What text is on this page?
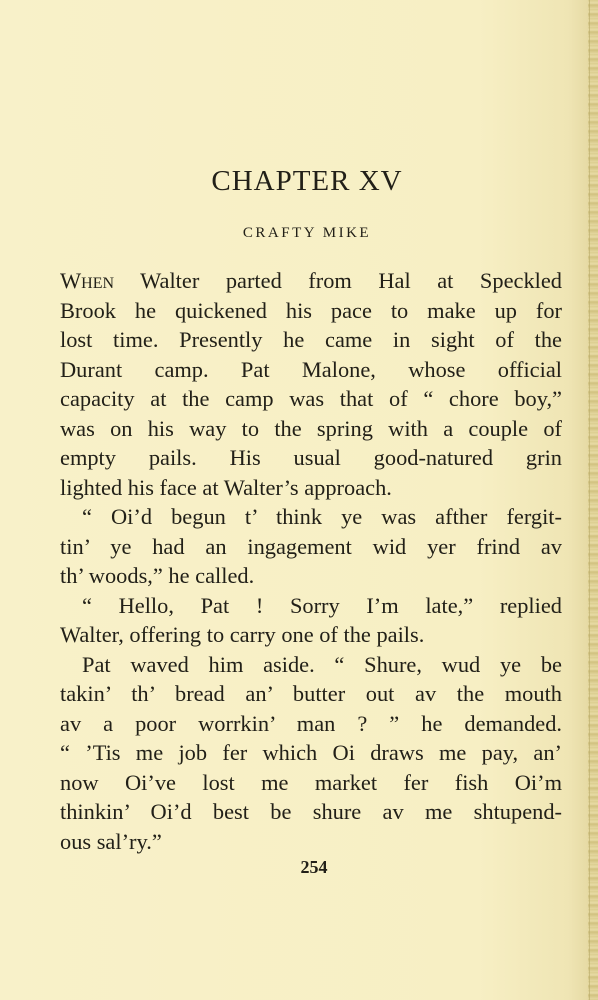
CHAPTER XV
CRAFTY MIKE
When Walter parted from Hal at Speckled
Brook he quickened his pace to make up for
lost time. Presently he came in sight of the
Durant camp. Pat Malone, whose official
capacity at the camp was that of “ chore boy,”
was on his way to the spring with a couple of
empty pails. His usual good-natured grin
lighted his face at Walter’s approach.
“ Oi’d begun t’ think ye was afther fergit-
tin’ ye had an ingagement wid yer frind av
th’ woods,” he called.
“ Hello, Pat ! Sorry I’m late,” replied
Walter, offering to carry one of the pails.
Pat waved him aside. “ Shure, wud ye be
takin’ th’ bread an’ butter out av the mouth
av a poor worrkin’ man ? ” he demanded.
“ ’Tis me job fer which Oi draws me pay, an’
now Oi’ve lost me market fer fish Oi’m
thinkin’ Oi’d best be shure av me shtupend-
ous sal’ry.”
254
